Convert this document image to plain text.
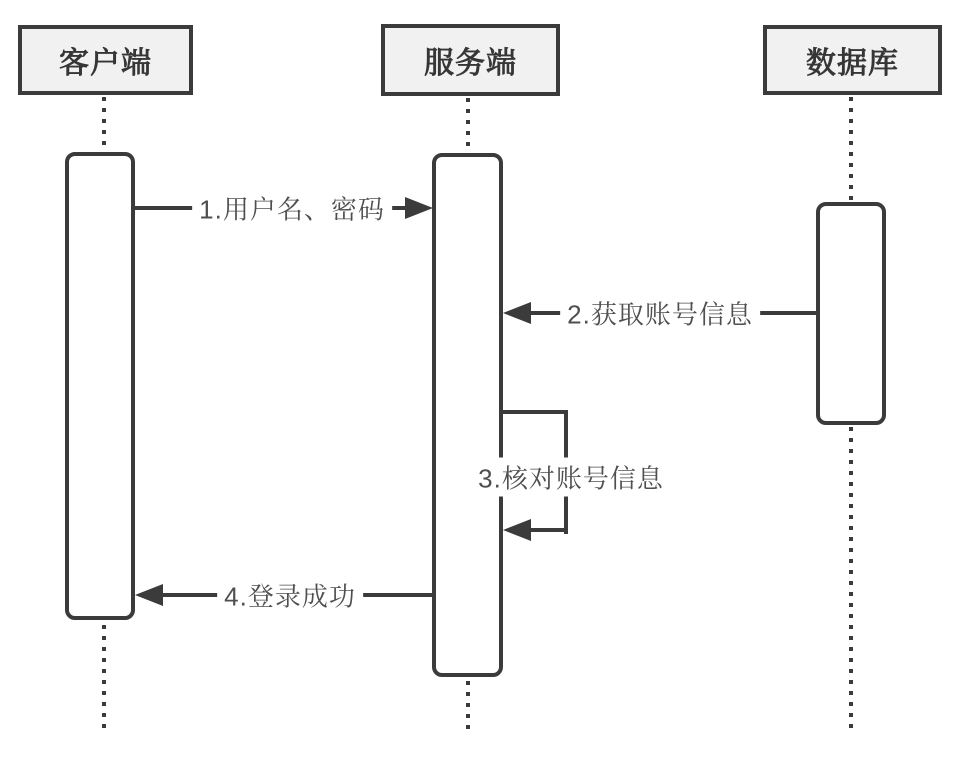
客户端	服务端	数据库
1.用户名、密码
2.获取账号信息
3.核对账号信息
4.登录成功
